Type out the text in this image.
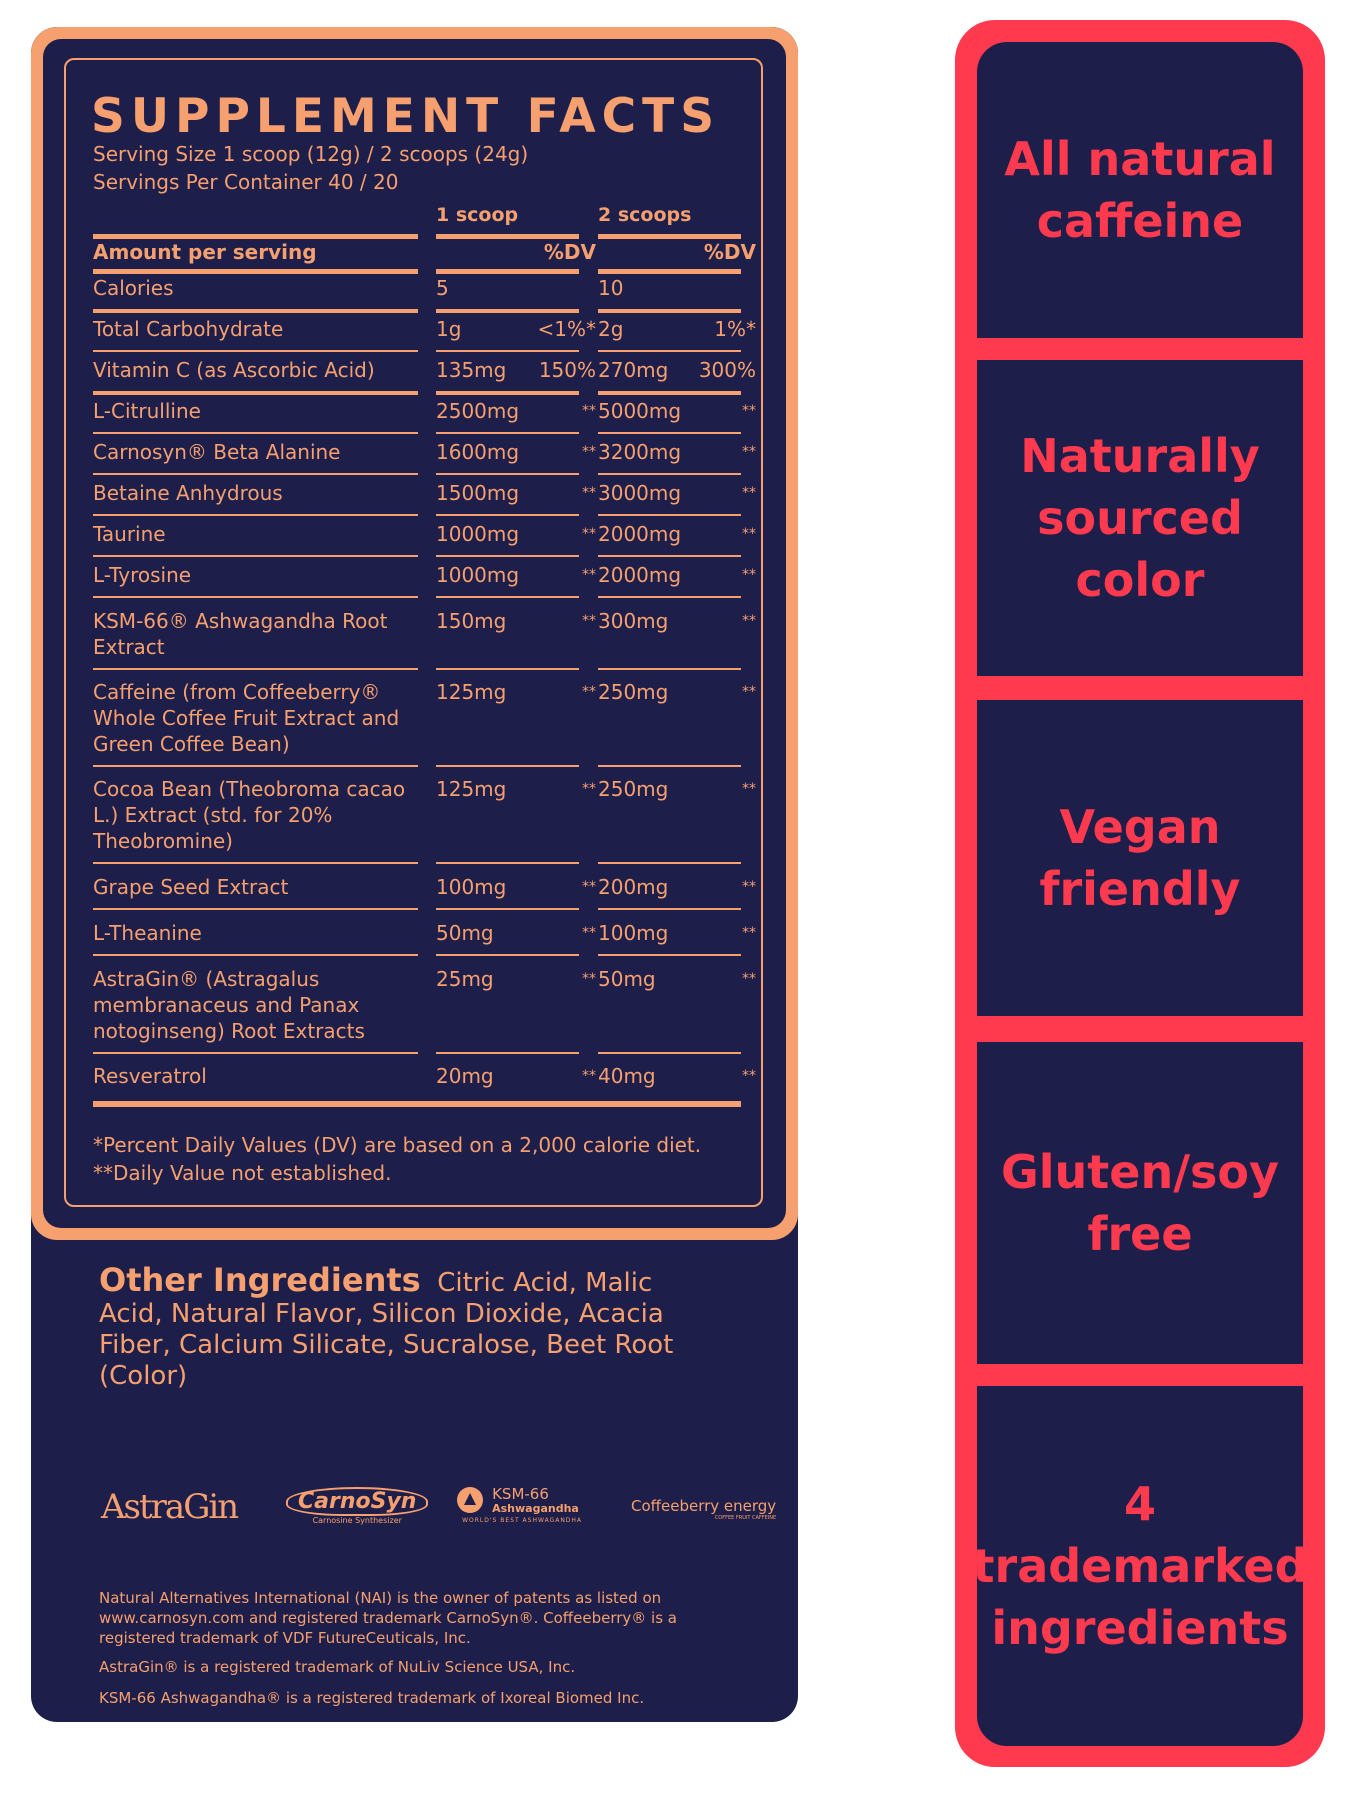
SUPPLEMENT FACTS
Serving Size 1 scoop (12g) / 2 scoops (24g)
Servings Per Container 40 / 20
1 scoop	2 scoops
Amount per serving	%DV	%DV
Calories	5	10
Total Carbohydrate	1g	<1%* 2g	1%*
Vitamin C (as Ascorbic Acid)	135mg	150% 270mg	300%
L-Citrulline	2500mg	** 5000mg	**
Carnosyn® Beta Alanine	1600mg	** 3200mg	**
Betaine Anhydrous	1500mg	** 3000mg	**
Taurine	1000mg	** 2000mg	**
L-Tyrosine	1000mg	** 2000mg	**
KSM-66® Ashwagandha Root Extract
150mg	** 300mg	**
Caffeine (from Coffeeberry® Whole Coffee Fruit Extract and Green Coffee Bean)
125mg	** 250mg	**
Cocoa Bean (Theobroma cacao L.) Extract (std. for 20% Theobromine)
125mg	** 250mg	**
Grape Seed Extract	100mg	** 200mg	**
L-Theanine	50mg	** 100mg	**
AstraGin® (Astragalus membranaceus and Panax notoginseng) Root Extracts
25mg	** 50mg	**
Resveratrol	20mg	** 40mg	**
*Percent Daily Values (DV) are based on a 2,000 calorie diet.
**Daily Value not established.
Other Ingredients Citric Acid, Malic Acid, Natural Flavor, Silicon Dioxide, Acacia Fiber, Calcium Silicate, Sucralose, Beet Root (Color)
AstraGin	CarnoSyn
Carnosine Synthesizer

KSM-66
Ashwagandha
WORLD'S BEST ASHWAGANDHA
Coffeeberry energy
COFFEE FRUIT CAFFEINE
Natural Alternatives International (NAI) is the owner of patents as listed on www.carnosyn.com and registered trademark CarnoSyn®. Coffeeberry® is a registered trademark of VDF FutureCeuticals, Inc.
AstraGin® is a registered trademark of NuLiv Science USA, Inc.
KSM-66 Ashwagandha® is a registered trademark of Ixoreal Biomed Inc.
All natural
caffeine
Naturally
sourced
color
Vegan
friendly
Gluten/soy
free
4
trademarked
ingredients
